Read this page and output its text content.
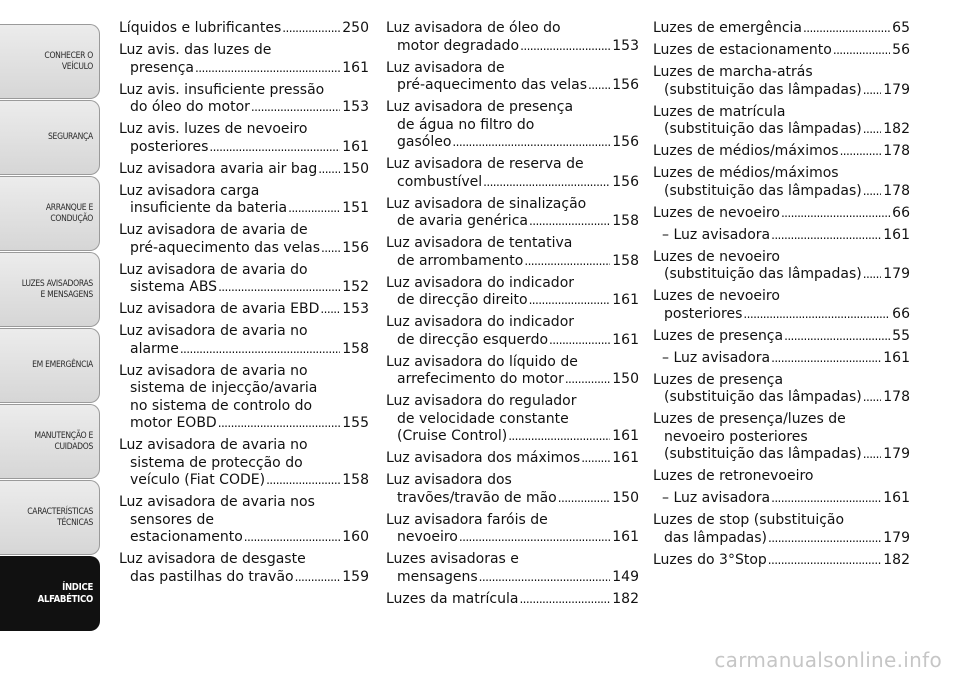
CONHECER O
VEÍCULO
SEGURANÇA
ARRANQUE E
CONDUÇÃO
LUZES AVISADORAS
E MENSAGENS
EM EMERGÊNCIA
MANUTENÇÃO E
CUIDADOS
CARACTERÍSTICAS
TÉCNICAS
ÍNDICE
ALFABÉTICO
Líquidos e lubrificantes . . .	250
Luz avis. das luzes de
presença . . .	161
Luz avis. insuficiente pressão
do óleo do motor . . .	153
Luz avis. luzes de nevoeiro
posteriores . . .	161
Luz avisadora avaria air bag . . . 150
Luz avisadora carga
insuficiente da bateria . . .	151
Luz avisadora de avaria de
pré-aquecimento das velas . . . 156
Luz avisadora de avaria do
sistema ABS . . .	152
Luz avisadora de avaria EBD . . . 153
Luz avisadora de avaria no
alarme . . .	158
Luz avisadora de avaria no
sistema de injecção/avaria
no sistema de controlo do
motor EOBD . . .	155
Luz avisadora de avaria no
sistema de protecção do
veículo (Fiat CODE) . . .	158
Luz avisadora de avaria nos
sensores de
estacionamento . . .	160
Luz avisadora de desgaste
das pastilhas do travão . . .	159
Luz avisadora de óleo do
motor degradado . . .	153
Luz avisadora de
pré-aquecimento das velas . . . 156
Luz avisadora de presença
de água no filtro do
gasóleo . . .	156
Luz avisadora de reserva de
combustível . . .	156
Luz avisadora de sinalização
de avaria genérica . . .	158
Luz avisadora de tentativa
de arrombamento . . .	158
Luz avisadora do indicador
de direcção direito . . .	161
Luz avisadora do indicador
de direcção esquerdo . . .	161
Luz avisadora do líquido de
arrefecimento do motor . . .	150
Luz avisadora do regulador
de velocidade constante
(Cruise Control) . . .	161
Luz avisadora dos máximos . . . 161
Luz avisadora dos
travões/travão de mão . . .	150
Luz avisadora faróis de
nevoeiro . . .	161
Luzes avisadoras e
mensagens . . .	149
Luzes da matrícula . . .	182
Luzes de emergência . . .	65
Luzes de estacionamento . . .	56
Luzes de marcha-atrás
(substituição das lâmpadas) . . . 179
Luzes de matrícula
(substituição das lâmpadas) . . . 182
Luzes de médios/máximos . . .	178
Luzes de médios/máximos
(substituição das lâmpadas) . . . 178
Luzes de nevoeiro . . .	66
– Luz avisadora . . .	161
Luzes de nevoeiro
(substituição das lâmpadas) . . . 179
Luzes de nevoeiro
posteriores . . .	66
Luzes de presença . . .	55
– Luz avisadora . . .	161
Luzes de presença
(substituição das lâmpadas) . . . 178
Luzes de presença/luzes de
nevoeiro posteriores
(substituição das lâmpadas) . . . 179
Luzes de retronevoeiro
– Luz avisadora . . .	161
Luzes de stop (substituição
das lâmpadas) . . .	179
Luzes do 3°Stop . . .	182
carmanualsonline.info
